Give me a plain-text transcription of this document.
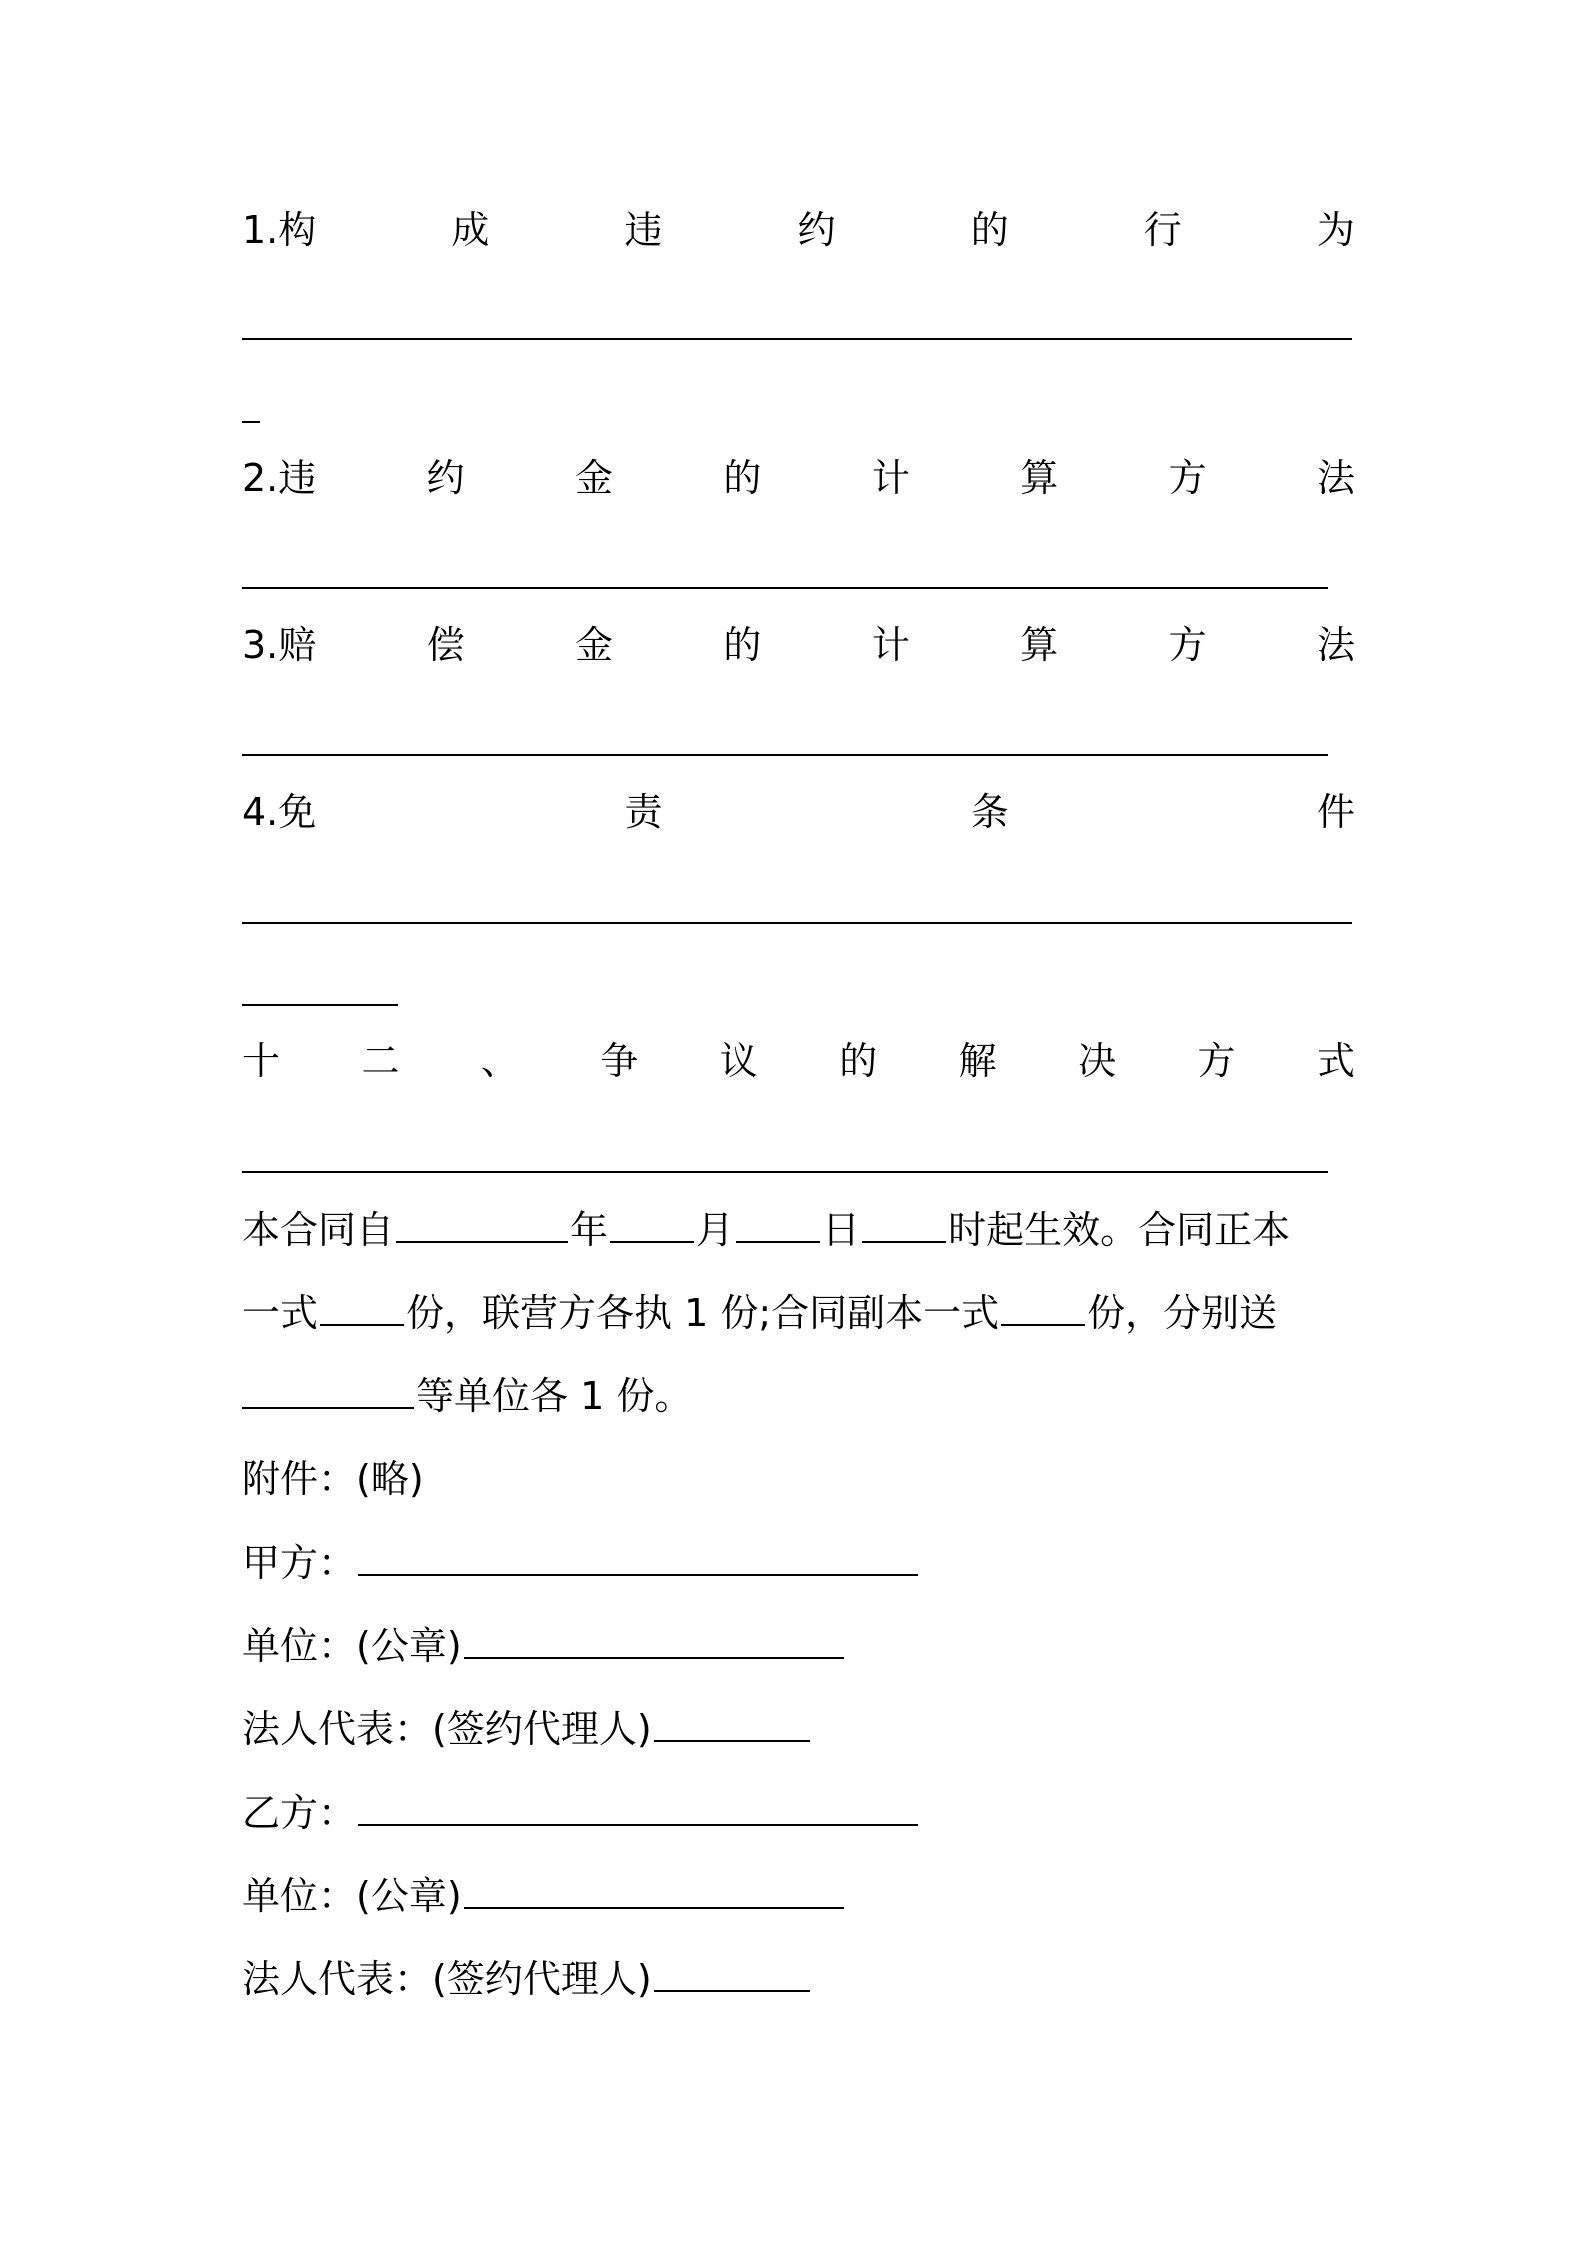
1.构	成	违	约	的	行	为
2.违	约	金	的	计	算	方	法
3.赔	偿	金	的	计	算	方	法
4.免	责	条	件
十 二 、 争 议 的 解 决 方 式
本合同自	年 月 日 时起生效。合同正本
一式 份，联营方各执 1 份;合同副本一式 份，分别送
等单位各 1 份。
附件：(略)
甲方：
单位：(公章)
法人代表：(签约代理人)
乙方：
单位：(公章)
法人代表：(签约代理人)
